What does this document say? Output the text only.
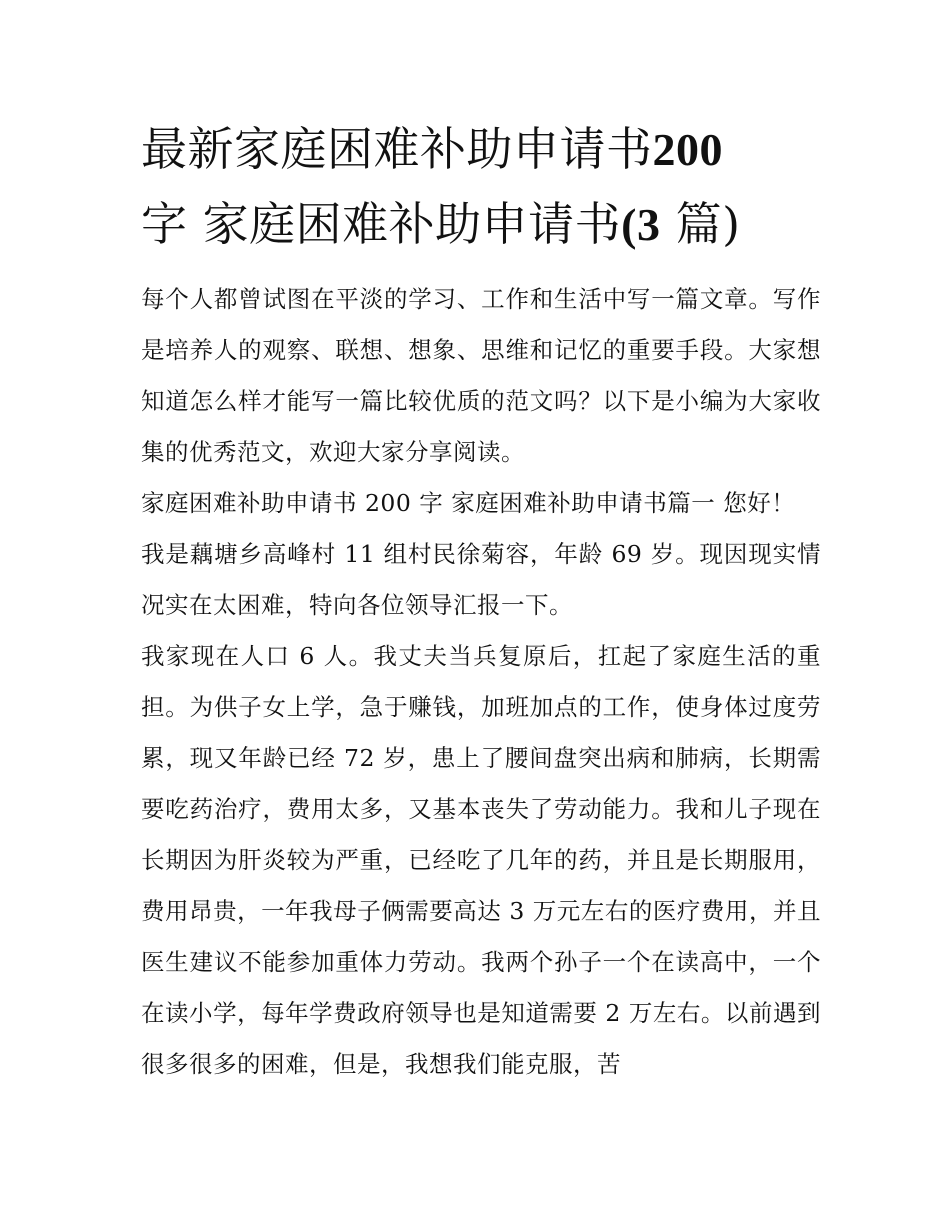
最新家庭困难补助申请书200
字 家庭困难补助申请书(3 篇)

每个人都曾试图在平淡的学习、工作和生活中写一篇文章。写作是培养人的观察、联想、想象、思维和记忆的重要手段。大家想知道怎么样才能写一篇比较优质的范文吗？以下是小编为大家收集的优秀范文，欢迎大家分享阅读。

家庭困难补助申请书 200 字 家庭困难补助申请书篇一 您好！

我是藕塘乡高峰村 11 组村民徐菊容，年龄 69 岁。现因现实情况实在太困难，特向各位领导汇报一下。

我家现在人口 6 人。我丈夫当兵复原后，扛起了家庭生活的重担。为供子女上学，急于赚钱，加班加点的工作，使身体过度劳累，现又年龄已经 72 岁，患上了腰间盘突出病和肺病，长期需要吃药治疗，费用太多，又基本丧失了劳动能力。我和儿子现在长期因为肝炎较为严重，已经吃了几年的药，并且是长期服用，费用昂贵，一年我母子俩需要高达 3 万元左右的医疗费用，并且医生建议不能参加重体力劳动。我两个孙子一个在读高中，一个在读小学，每年学费政府领导也是知道需要 2 万左右。以前遇到很多很多的困难，但是，我想我们能克服，苦
